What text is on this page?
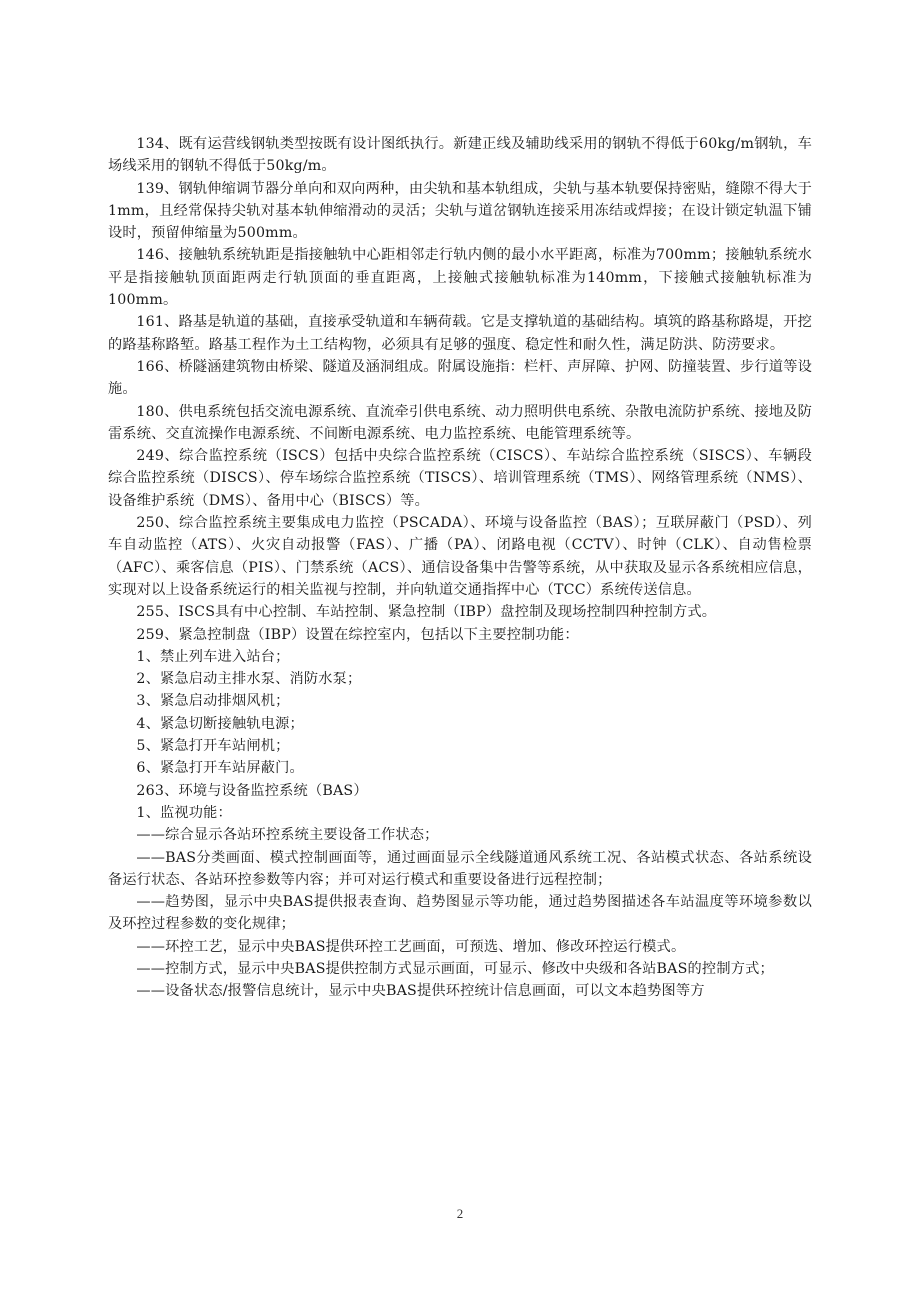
134、既有运营线钢轨类型按既有设计图纸执行。新建正线及辅助线采用的钢轨不得低于60kg/m钢轨，车场线采用的钢轨不得低于50kg/m。

139、钢轨伸缩调节器分单向和双向两种，由尖轨和基本轨组成，尖轨与基本轨要保持密贴，缝隙不得大于1mm，且经常保持尖轨对基本轨伸缩滑动的灵活；尖轨与道岔钢轨连接采用冻结或焊接；在设计锁定轨温下铺设时，预留伸缩量为500mm。

146、接触轨系统轨距是指接触轨中心距相邻走行轨内侧的最小水平距离，标准为700mm；接触轨系统水平是指接触轨顶面距两走行轨顶面的垂直距离，上接触式接触轨标准为140mm，下接触式接触轨标准为100mm。

161、路基是轨道的基础，直接承受轨道和车辆荷载。它是支撑轨道的基础结构。填筑的路基称路堤，开挖的路基称路堑。路基工程作为土工结构物，必须具有足够的强度、稳定性和耐久性，满足防洪、防涝要求。

166、桥隧涵建筑物由桥梁、隧道及涵洞组成。附属设施指：栏杆、声屏障、护网、防撞装置、步行道等设施。

180、供电系统包括交流电源系统、直流牵引供电系统、动力照明供电系统、杂散电流防护系统、接地及防雷系统、交直流操作电源系统、不间断电源系统、电力监控系统、电能管理系统等。

249、综合监控系统（ISCS）包括中央综合监控系统（CISCS）、车站综合监控系统（SISCS）、车辆段综合监控系统（DISCS）、停车场综合监控系统（TISCS）、培训管理系统（TMS）、网络管理系统（NMS）、设备维护系统（DMS）、备用中心（BISCS）等。

250、综合监控系统主要集成电力监控（PSCADA）、环境与设备监控（BAS）；互联屏蔽门（PSD）、列车自动监控（ATS）、火灾自动报警（FAS）、广播（PA）、闭路电视（CCTV）、时钟（CLK）、自动售检票（AFC）、乘客信息（PIS）、门禁系统（ACS）、通信设备集中告警等系统，从中获取及显示各系统相应信息，实现对以上设备系统运行的相关监视与控制，并向轨道交通指挥中心（TCC）系统传送信息。

255、ISCS具有中心控制、车站控制、紧急控制（IBP）盘控制及现场控制四种控制方式。

259、紧急控制盘（IBP）设置在综控室内，包括以下主要控制功能：

1、禁止列车进入站台；

2、紧急启动主排水泵、消防水泵；

3、紧急启动排烟风机；

4、紧急切断接触轨电源；

5、紧急打开车站闸机；

6、紧急打开车站屏蔽门。

263、环境与设备监控系统（BAS）

1、监视功能：

——综合显示各站环控系统主要设备工作状态；

——BAS分类画面、模式控制画面等，通过画面显示全线隧道通风系统工况、各站模式状态、各站系统设备运行状态、各站环控参数等内容；并可对运行模式和重要设备进行远程控制；

——趋势图，显示中央BAS提供报表查询、趋势图显示等功能，通过趋势图描述各车站温度等环境参数以及环控过程参数的变化规律；

——环控工艺，显示中央BAS提供环控工艺画面，可预选、增加、修改环控运行模式。

——控制方式，显示中央BAS提供控制方式显示画面，可显示、修改中央级和各站BAS的控制方式；

——设备状态/报警信息统计，显示中央BAS提供环控统计信息画面，可以文本趋势图等方

2
